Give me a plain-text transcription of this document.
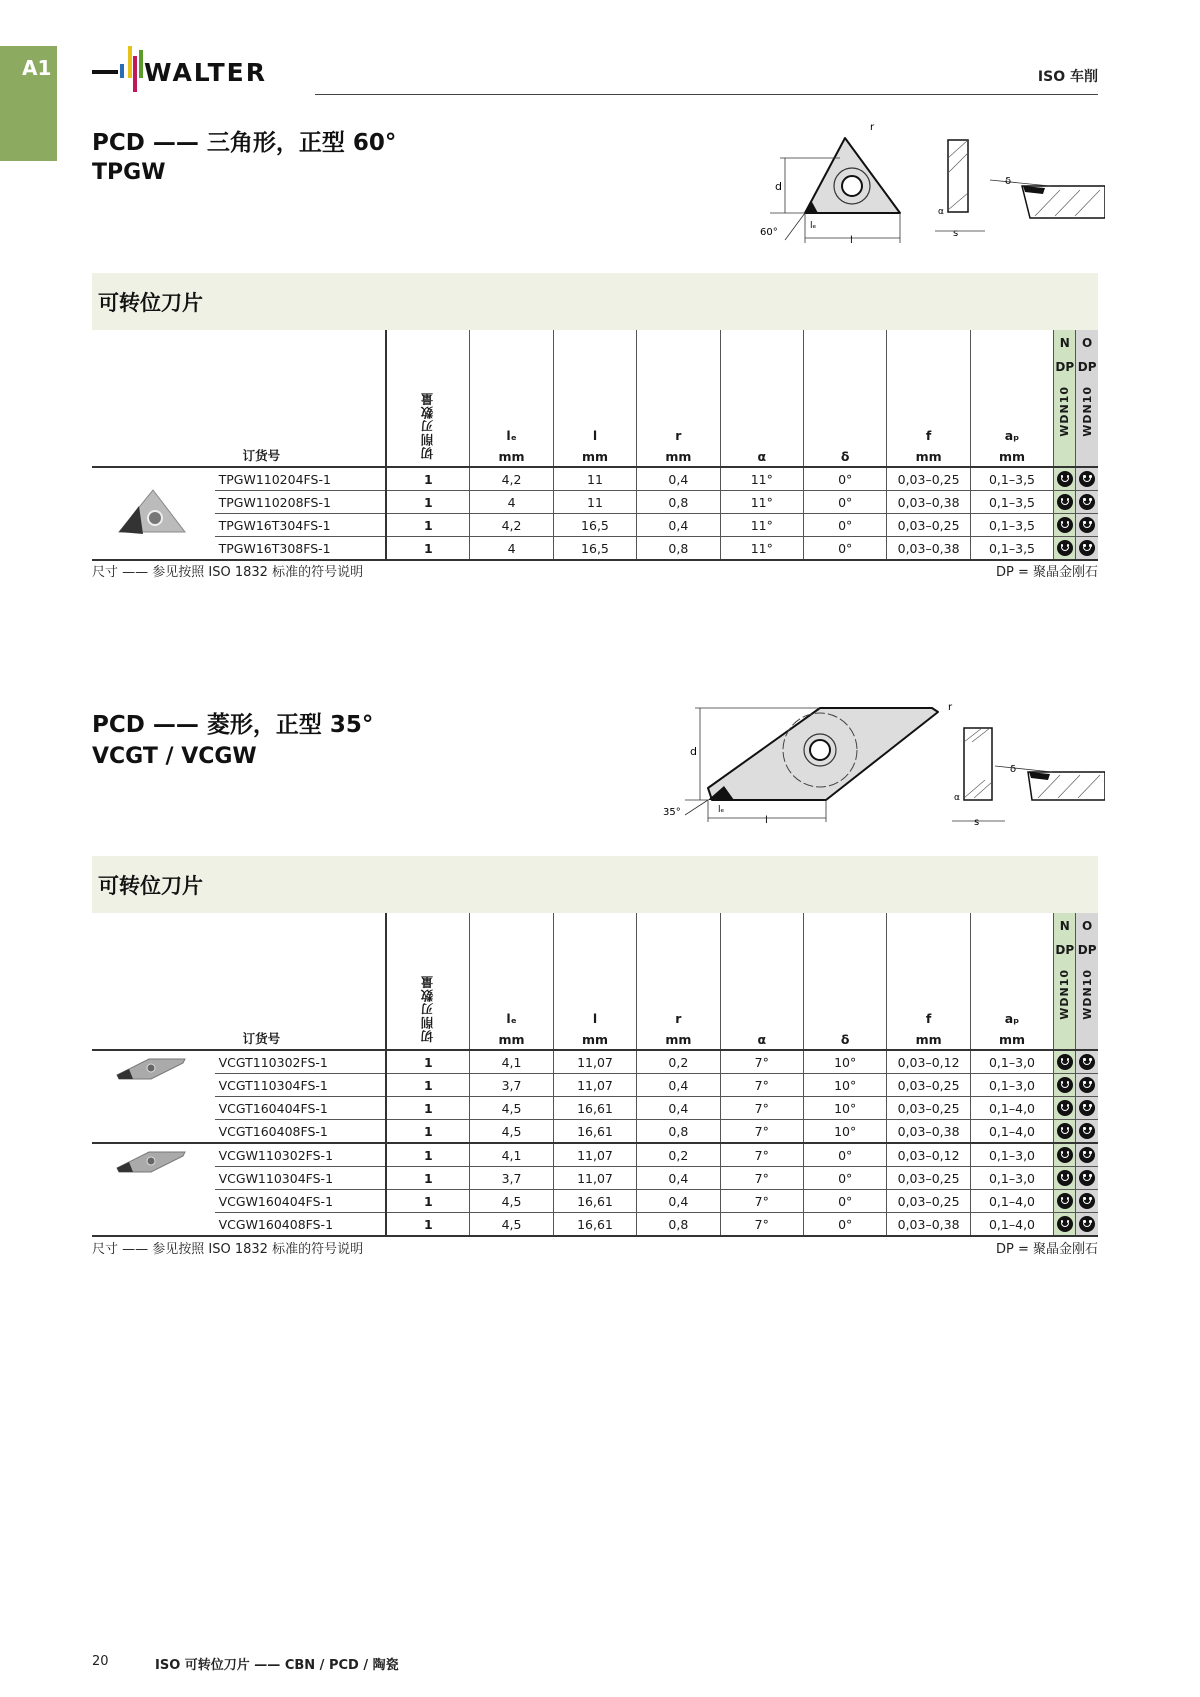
A1	WALTER	ISO 车削
PCD —— 三角形，正型 60°
TPGW
d
60°
l
lₑ
r
α
s
δ
可转位刀片
	订货号	切削刃数量	lₑ
mm	
l
mm	
r
mm	α	δ	
f
mm	
aₚ
mm	
N
DP
WDN10

O
DP
WDN10

	TPGW110204FS-1	1	4,2	11	0,4	11°	0°	0,03–0,25	0,1–3,5		
	TPGW110208FS-1	1	4	11	0,8	11°	0°	0,03–0,38	0,1–3,5		
	TPGW16T304FS-1	1	4,2	16,5	0,4	11°	0°	0,03–0,25	0,1–3,5		
	TPGW16T308FS-1	1	4	16,5	0,8	11°	0°	0,03–0,38	0,1–3,5		
尺寸 —— 参见按照 ISO 1832 标准的符号说明	DP = 聚晶金刚石
PCD —— 菱形，正型 35°
VCGT / VCGW	d
35°
l
lₑ
r
α
s
δ
可转位刀片
	订货号	切削刃数量	lₑ
mm	
l
mm	
r
mm	α	δ	
f
mm	
aₚ
mm	
N
DP
WDN10

O
DP
WDN10

	VCGT110302FS-1	1	4,1	11,07	0,2	7°	10°	0,03–0,12	0,1–3,0		
	VCGT110304FS-1	1	3,7	11,07	0,4	7°	10°	0,03–0,25	0,1–3,0		
	VCGT160404FS-1	1	4,5	16,61	0,4	7°	10°	0,03–0,25	0,1–4,0		
	VCGT160408FS-1	1	4,5	16,61	0,8	7°	10°	0,03–0,38	0,1–4,0		
	VCGW110302FS-1	1	4,1	11,07	0,2	7°	0°	0,03–0,12	0,1–3,0		
	VCGW110304FS-1	1	3,7	11,07	0,4	7°	0°	0,03–0,25	0,1–3,0		
	VCGW160404FS-1	1	4,5	16,61	0,4	7°	0°	0,03–0,25	0,1–4,0		
	VCGW160408FS-1	1	4,5	16,61	0,8	7°	0°	0,03–0,38	0,1–4,0		
尺寸 —— 参见按照 ISO 1832 标准的符号说明	DP = 聚晶金刚石
20	ISO 可转位刀片 —— CBN / PCD / 陶瓷
